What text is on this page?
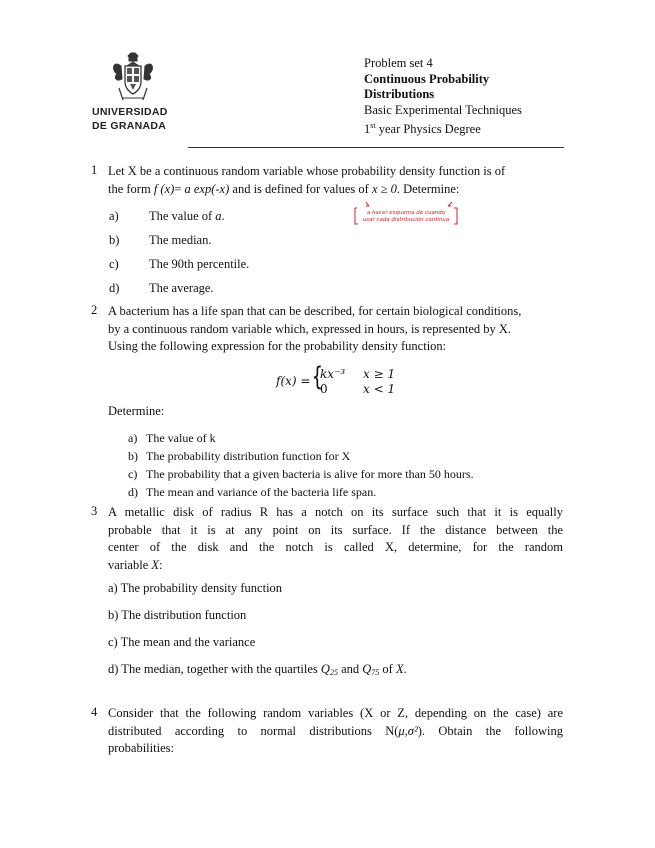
UNIVERSIDAD
DE GRANADA
Problem set 4
Continuous Probability
Distributions
Basic Experimental Techniques
1st year Physics Degree
1 Let X be a continuous random variable whose probability density function is of
the form f (x)= a exp(-x) and is defined for values of x ≥ 0. Determine:
a) The value of a.
b) The median.
c) The 90th percentile.
d) The average.
a hacer esquema de cuando
usar cada distribución continua
2 A bacterium has a life span that can be described, for certain biological conditions,
by a continuous random variable which, expressed in hours, is represented by X.
Using the following expression for the probability density function:
f(x) = {
kx⁻³ x ≥ 1
0	x < 1
Determine:
a) The value of k
b) The probability distribution function for X
c) The probability that a given bacteria is alive for more than 50 hours.
d) The mean and variance of the bacteria life span.
3 A metallic disk of radius R has a notch on its surface such that it is equally
probable that it is at any point on its surface. If the distance between the
center of the disk and the notch is called X, determine, for the random
variable X:
a) The probability density function
b) The distribution function
c) The mean and the variance
d) The median, together with the quartiles $Q_{25}$ and $Q_{75}$ of X.
4 Consider that the following random variables (X or Z, depending on the case) are
distributed according to normal distributions N(μ,σ²). Obtain the following
probabilities:
